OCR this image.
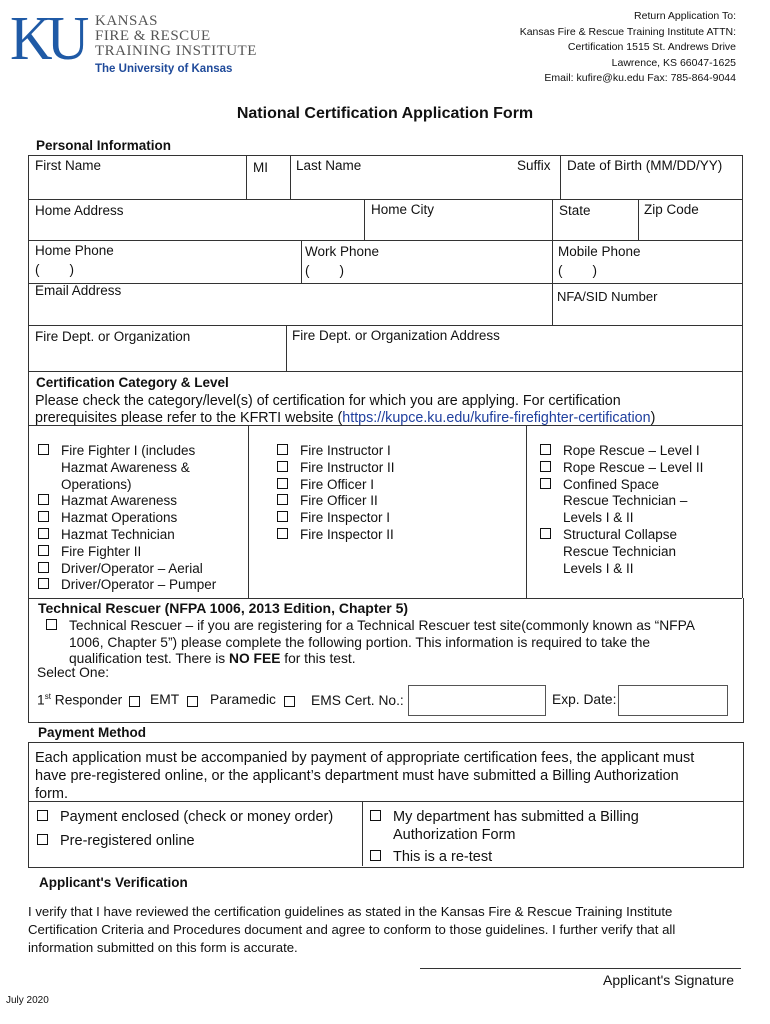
KU KANSAS
FIRE & RESCUE
TRAINING INSTITUTE
The University of Kansas
Return Application To:
Kansas Fire & Rescue Training Institute ATTN:
Certification 1515 St. Andrews Drive
Lawrence, KS 66047-1625
Email: kufire@ku.edu Fax: 785-864-9044
National Certification Application Form
Personal Information
First Name	MI Last Name	Suffix Date of Birth (MM/DD/YY)
Home Address	Home City	State	Zip Code
Home Phone
(        )
Work Phone
(        )
Mobile Phone
(        )
Email Address	NFA/SID Number
Fire Dept. or Organization	Fire Dept. or Organization Address
Certification Category & Level
Please check the category/level(s) of certification for which you are applying. For certification
prerequisites please refer to the KFRTI website (https://kupce.ku.edu/kufire-firefighter-certification)
Fire Fighter I (includes
Hazmat Awareness &
Operations)
Hazmat Awareness
Hazmat Operations
Hazmat Technician
Fire Fighter II
Driver/Operator – Aerial
Driver/Operator – Pumper
Fire Instructor I
Fire Instructor II
Fire Officer I
Fire Officer II
Fire Inspector I
Fire Inspector II
Rope Rescue – Level I
Rope Rescue – Level II
Confined Space
Rescue Technician –
Levels I & II
Structural Collapse
Rescue Technician
Levels I & II
Technical Rescuer (NFPA 1006, 2013 Edition, Chapter 5)
Technical Rescuer – if you are registering for a Technical Rescuer test site(commonly known as “NFPA
1006, Chapter 5”) please complete the following portion. This information is required to take the
qualification test. There is NO FEE for this test.
Select One:
1st Responder EMT Paramedic	EMS Cert. No.:	Exp. Date:
Payment Method
Each application must be accompanied by payment of appropriate certification fees, the applicant must
have pre-registered online, or the applicant’s department must have submitted a Billing Authorization
form.
Payment enclosed (check or money order)
Pre-registered online
My department has submitted a Billing
Authorization Form
This is a re-test
Applicant's Verification
I verify that I have reviewed the certification guidelines as stated in the Kansas Fire & Rescue Training Institute
Certification Criteria and Procedures document and agree to conform to those guidelines. I further verify that all
information submitted on this form is accurate.
Applicant's Signature
July 2020
